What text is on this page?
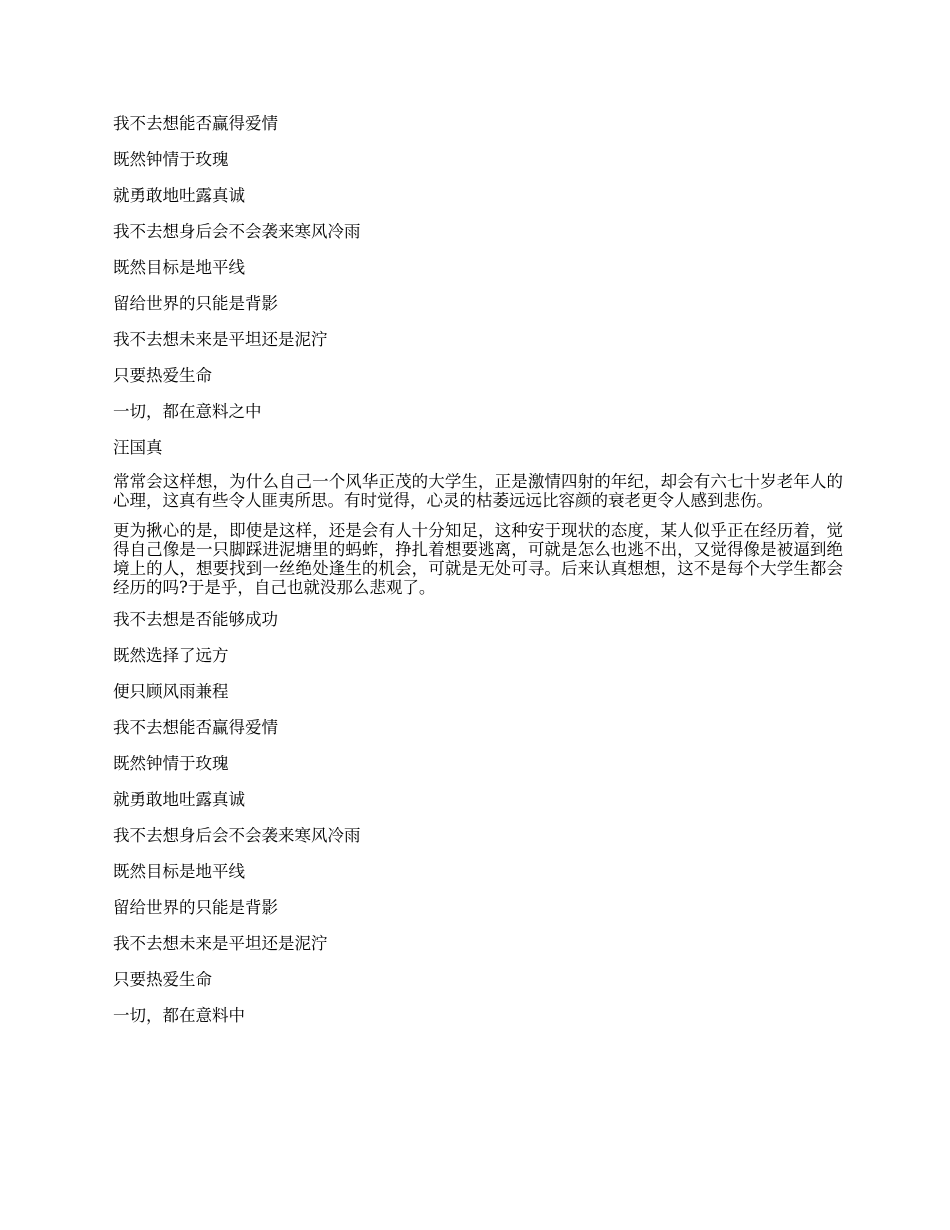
我不去想能否赢得爱情

既然钟情于玫瑰

就勇敢地吐露真诚

我不去想身后会不会袭来寒风冷雨

既然目标是地平线

留给世界的只能是背影

我不去想未来是平坦还是泥泞

只要热爱生命

一切，都在意料之中

汪国真

常常会这样想，为什么自己一个风华正茂的大学生，正是激情四射的年纪，却会有六七十岁老年人的心理，这真有些令人匪夷所思。有时觉得，心灵的枯萎远远比容颜的衰老更令人感到悲伤。

更为揪心的是，即使是这样，还是会有人十分知足，这种安于现状的态度，某人似乎正在经历着，觉得自己像是一只脚踩进泥塘里的蚂蚱，挣扎着想要逃离，可就是怎么也逃不出，又觉得像是被逼到绝境上的人，想要找到一丝绝处逢生的机会，可就是无处可寻。后来认真想想，这不是每个大学生都会经历的吗?于是乎，自己也就没那么悲观了。

我不去想是否能够成功

既然选择了远方

便只顾风雨兼程

我不去想能否赢得爱情

既然钟情于玫瑰

就勇敢地吐露真诚

我不去想身后会不会袭来寒风冷雨

既然目标是地平线

留给世界的只能是背影

我不去想未来是平坦还是泥泞

只要热爱生命

一切，都在意料中
